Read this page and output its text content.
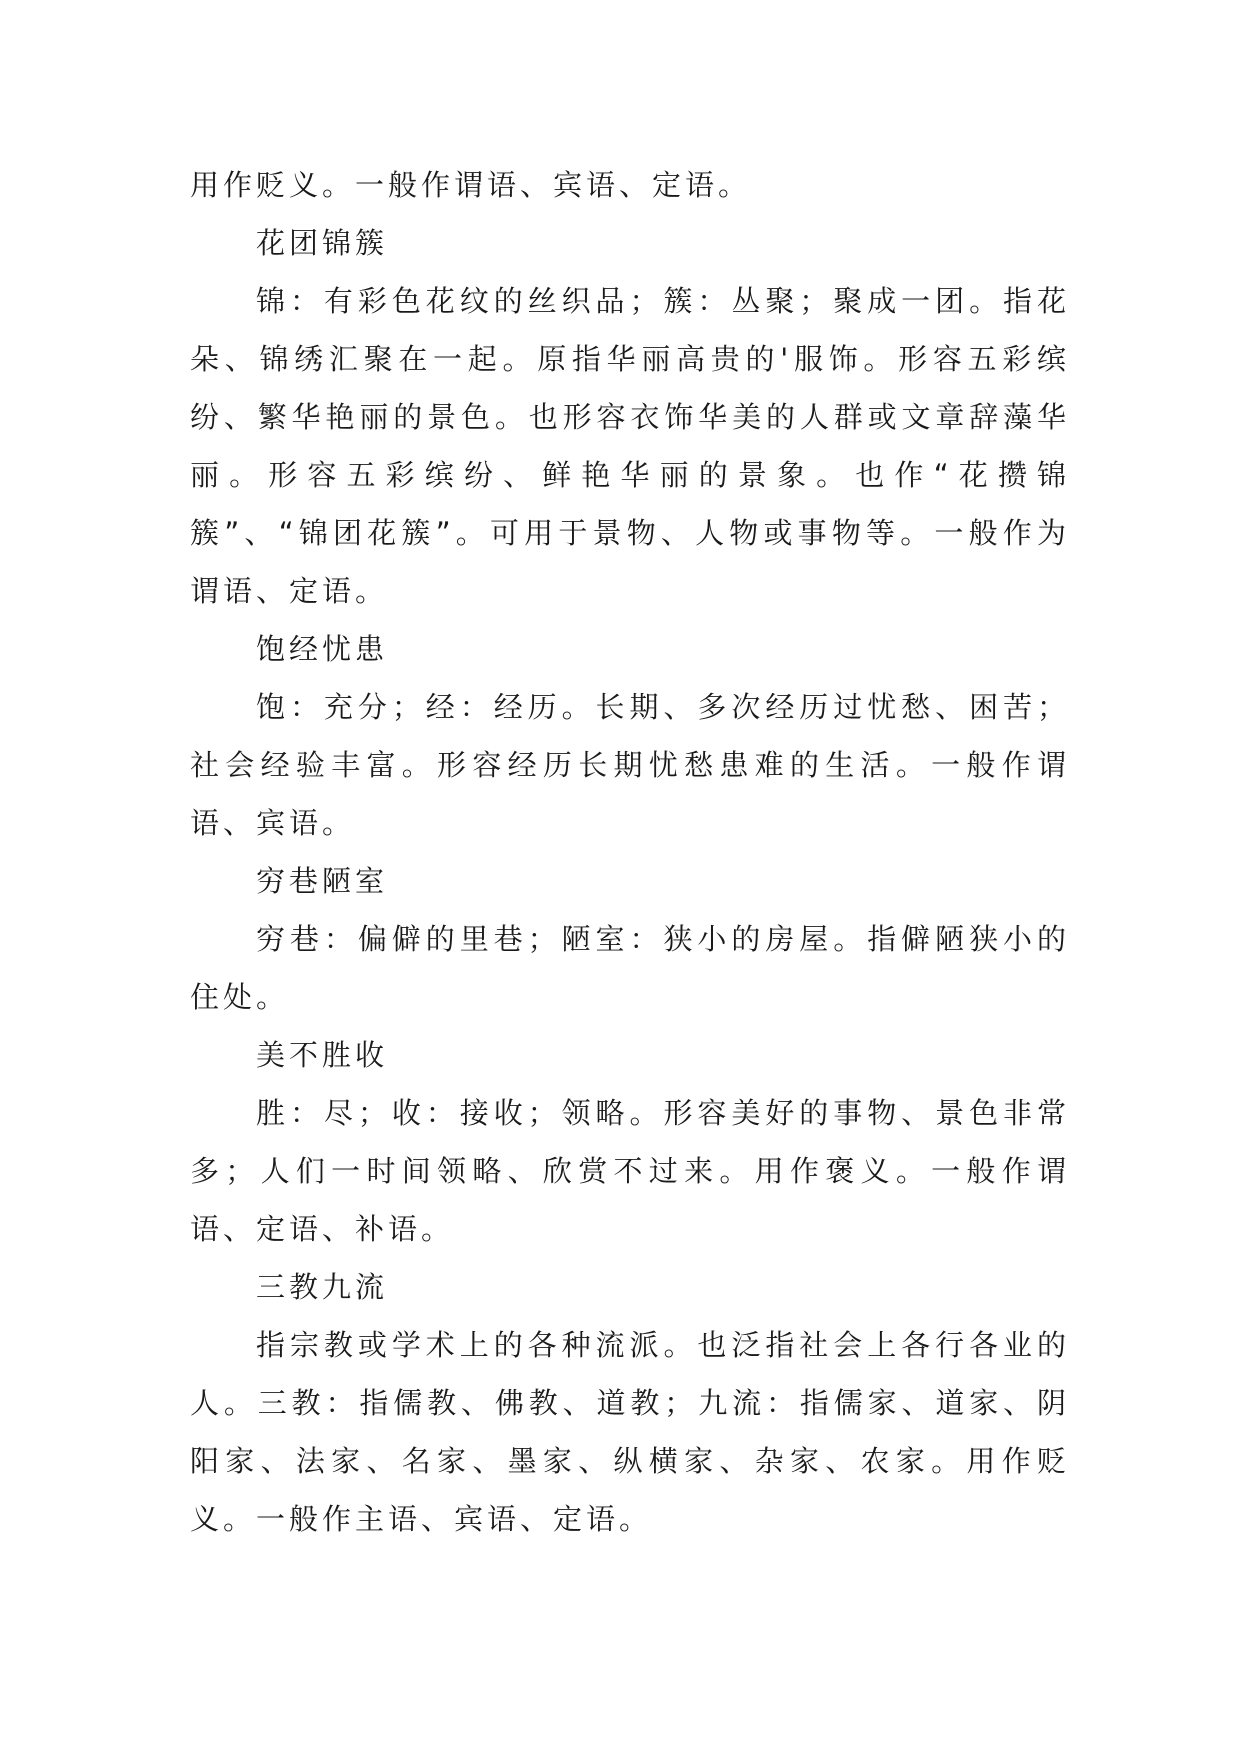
用作贬义。一般作谓语、宾语、定语。

花团锦簇

锦：有彩色花纹的丝织品；簇：丛聚；聚成一团。指花朵、锦绣汇聚在一起。原指华丽高贵的'服饰。形容五彩缤纷、繁华艳丽的景色。也形容衣饰华美的人群或文章辞藻华丽。形容五彩缤纷、鲜艳华丽的景象。也作“花攒锦簇”、“锦团花簇”。可用于景物、人物或事物等。一般作为谓语、定语。

饱经忧患

饱：充分；经：经历。长期、多次经历过忧愁、困苦；社会经验丰富。形容经历长期忧愁患难的生活。一般作谓语、宾语。

穷巷陋室

穷巷：偏僻的里巷；陋室：狭小的房屋。指僻陋狭小的住处。

美不胜收

胜：尽；收：接收；领略。形容美好的事物、景色非常多；人们一时间领略、欣赏不过来。用作褒义。一般作谓语、定语、补语。

三教九流

指宗教或学术上的各种流派。也泛指社会上各行各业的人。三教：指儒教、佛教、道教；九流：指儒家、道家、阴阳家、法家、名家、墨家、纵横家、杂家、农家。用作贬义。一般作主语、宾语、定语。
